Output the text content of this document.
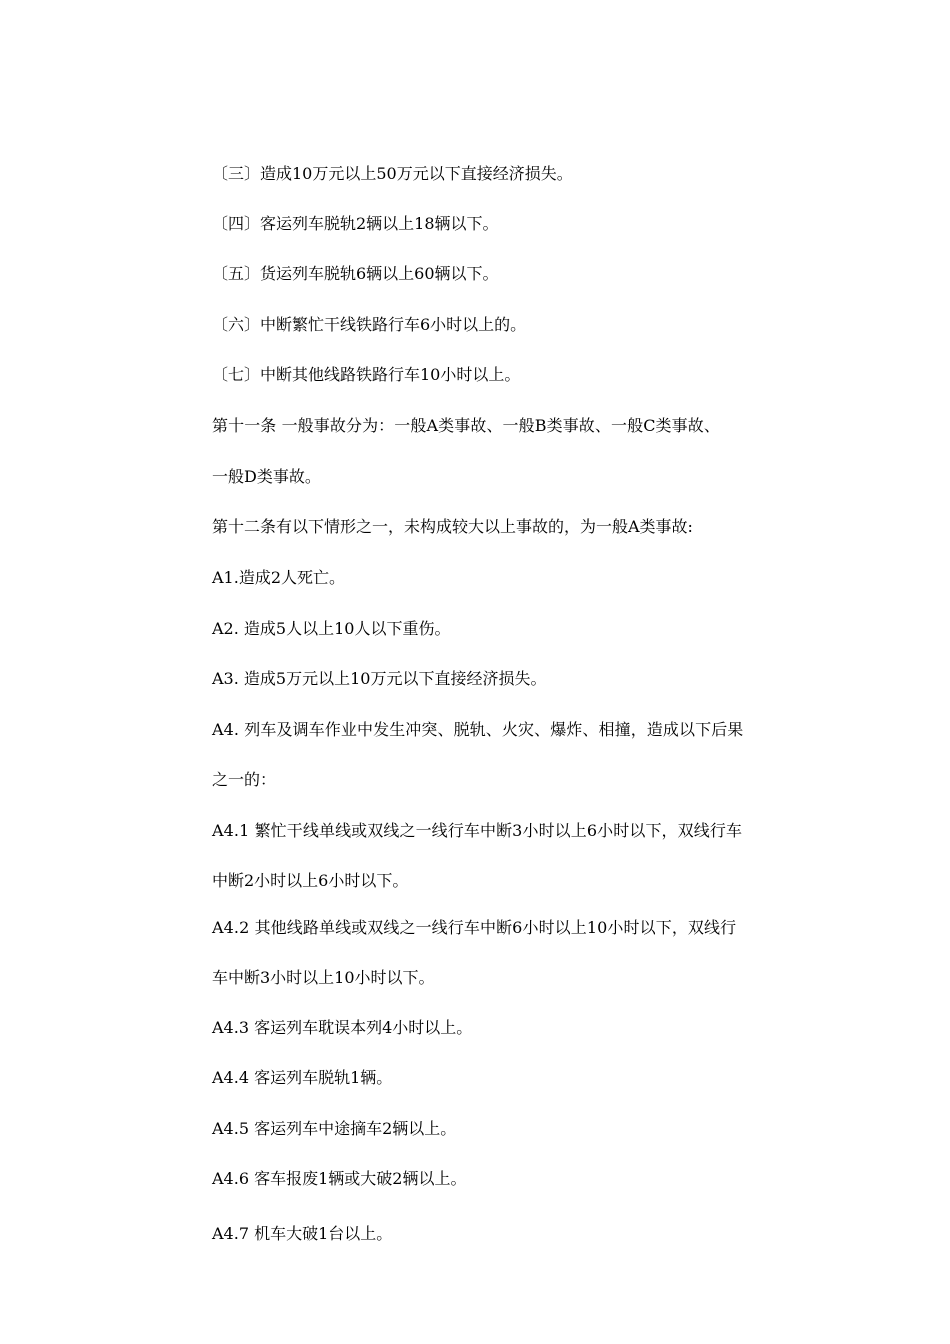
〔三〕造成10万元以上50万元以下直接经济损失。
〔四〕客运列车脱轨2辆以上18辆以下。
〔五〕货运列车脱轨6辆以上60辆以下。
〔六〕中断繁忙干线铁路行车6小时以上的。
〔七〕中断其他线路铁路行车10小时以上。
第十一条 一般事故分为：一般A类事故、一般B类事故、一般C类事故、
一般D类事故。
第十二条有以下情形之一，未构成较大以上事故的，为一般A类事故:
A1.造成2人死亡。
A2. 造成5人以上10人以下重伤。
A3. 造成5万元以上10万元以下直接经济损失。
A4. 列车及调车作业中发生冲突、脱轨、火灾、爆炸、相撞，造成以下后果
之一的：
A4.1 繁忙干线单线或双线之一线行车中断3小时以上6小时以下，双线行车
中断2小时以上6小时以下。
A4.2 其他线路单线或双线之一线行车中断6小时以上10小时以下，双线行
车中断3小时以上10小时以下。
A4.3 客运列车耽误本列4小时以上。
A4.4 客运列车脱轨1辆。
A4.5 客运列车中途摘车2辆以上。
A4.6 客车报废1辆或大破2辆以上。
A4.7 机车大破1台以上。
